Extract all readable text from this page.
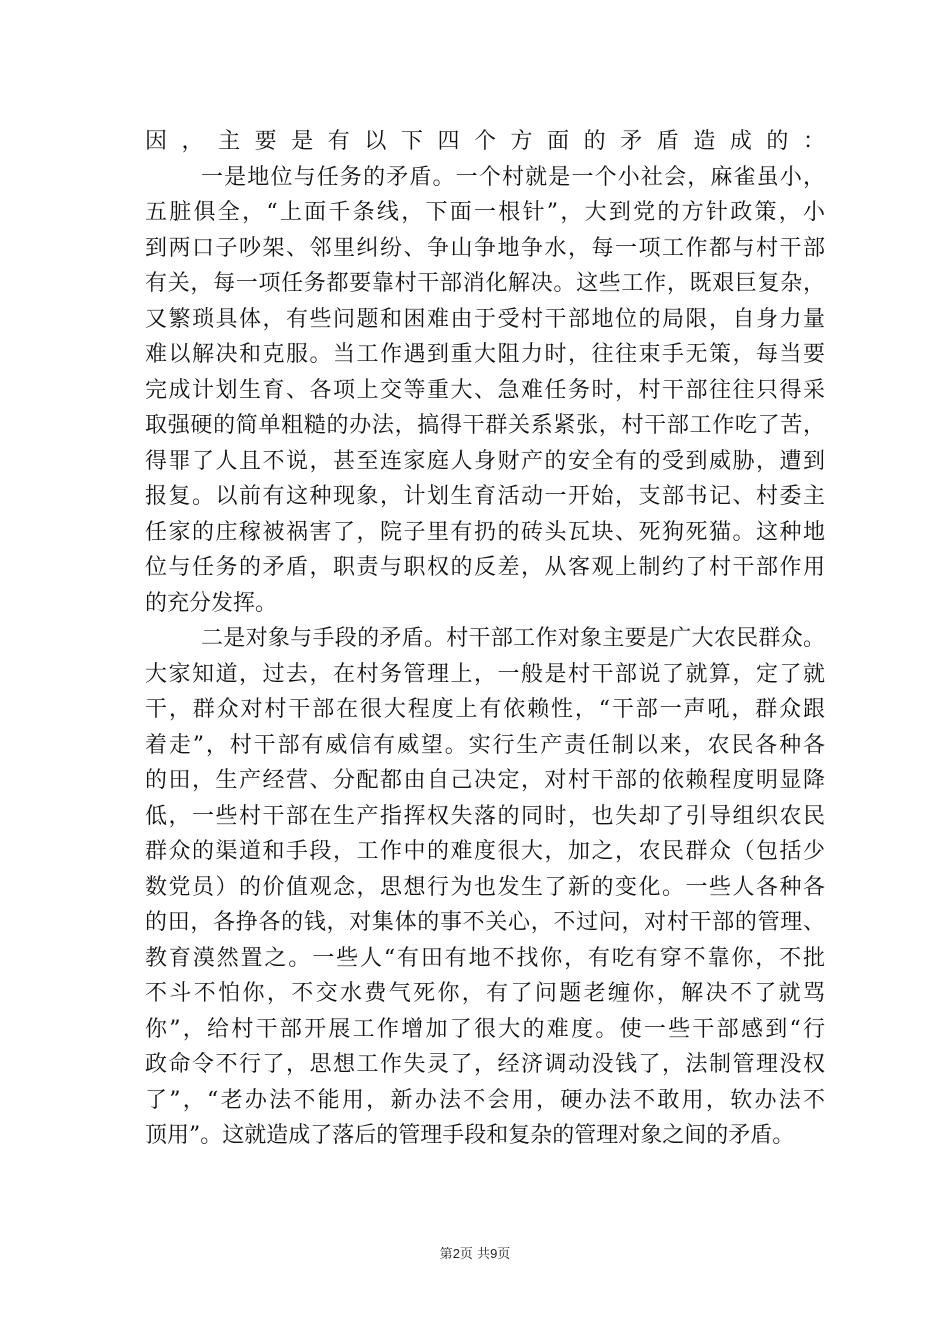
因，主要是有以下四个方面的矛盾造成的：
一是地位与任务的矛盾。一个村就是一个小社会，麻雀虽小，
五脏俱全，“上面千条线，下面一根针”，大到党的方针政策，小
到两口子吵架、邻里纠纷、争山争地争水，每一项工作都与村干部
有关，每一项任务都要靠村干部消化解决。这些工作，既艰巨复杂，
又繁琐具体，有些问题和困难由于受村干部地位的局限，自身力量
难以解决和克服。当工作遇到重大阻力时，往往束手无策，每当要
完成计划生育、各项上交等重大、急难任务时，村干部往往只得采
取强硬的简单粗糙的办法，搞得干群关系紧张，村干部工作吃了苦，
得罪了人且不说，甚至连家庭人身财产的安全有的受到威胁，遭到
报复。以前有这种现象，计划生育活动一开始，支部书记、村委主
任家的庄稼被祸害了，院子里有扔的砖头瓦块、死狗死猫。这种地
位与任务的矛盾，职责与职权的反差，从客观上制约了村干部作用
的充分发挥。
二是对象与手段的矛盾。村干部工作对象主要是广大农民群众。
大家知道，过去，在村务管理上，一般是村干部说了就算，定了就
干，群众对村干部在很大程度上有依赖性，“干部一声吼，群众跟
着走”，村干部有威信有威望。实行生产责任制以来，农民各种各
的田，生产经营、分配都由自己决定，对村干部的依赖程度明显降
低，一些村干部在生产指挥权失落的同时，也失却了引导组织农民
群众的渠道和手段，工作中的难度很大，加之，农民群众（包括少
数党员）的价值观念，思想行为也发生了新的变化。一些人各种各
的田，各挣各的钱，对集体的事不关心，不过问，对村干部的管理、
教育漠然置之。一些人“有田有地不找你，有吃有穿不靠你，不批
不斗不怕你，不交水费气死你，有了问题老缠你，解决不了就骂
你”，给村干部开展工作增加了很大的难度。使一些干部感到“行
政命令不行了，思想工作失灵了，经济调动没钱了，法制管理没权
了”，“老办法不能用，新办法不会用，硬办法不敢用，软办法不
顶用”。这就造成了落后的管理手段和复杂的管理对象之间的矛盾。
第2页 共9页
